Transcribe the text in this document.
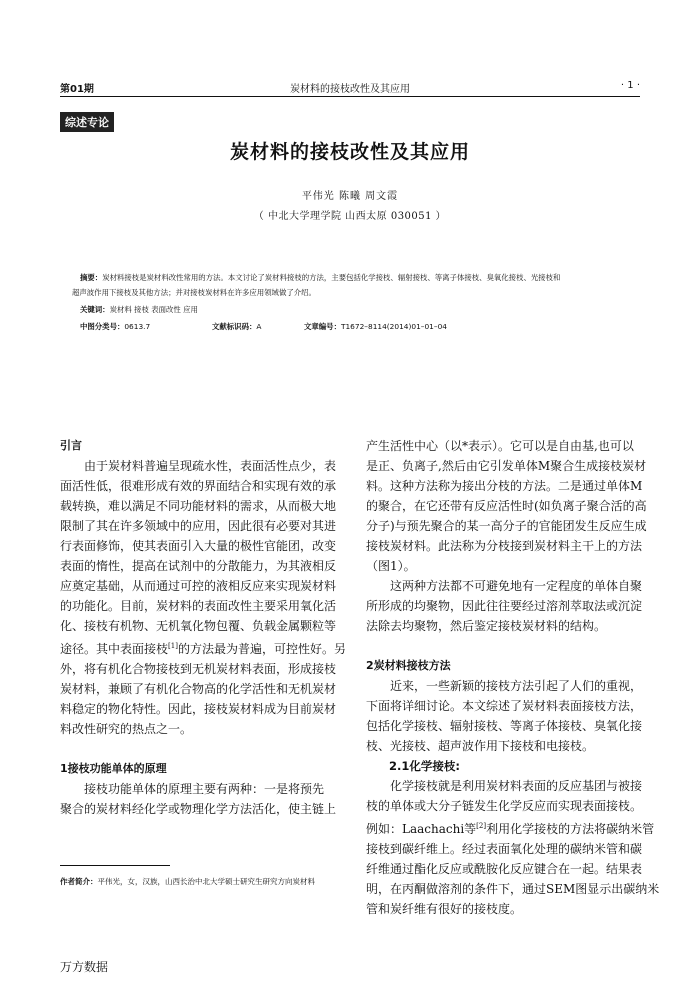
第01期	炭材料的接枝改性及其应用	· 1 ·
综述专论
炭材料的接枝改性及其应用
平伟光 陈曦 周文霞
（ 中北大学理学院 山西太原 030051 ）
摘要：炭材料接枝是炭材料改性常用的方法。本文讨论了炭材料接枝的方法，主要包括化学接枝、辐射接枝、等离子体接枝、臭氧化接枝、光接枝和
超声波作用下接枝及其他方法；并对接枝炭材料在许多应用领域做了介绍。
关键词：炭材料 接枝 表面改性 应用
中图分类号：0613.7	文献标识码：A	文章编号：T1672–8114(2014)01–01–04
引言
由于炭材料普遍呈现疏水性，表面活性点少，表
面活性低，很难形成有效的界面结合和实现有效的承
载转换，难以满足不同功能材料的需求，从而极大地
限制了其在许多领域中的应用，因此很有必要对其进
行表面修饰，使其表面引入大量的极性官能团，改变
表面的惰性，提高在试剂中的分散能力，为其液相反
应奠定基础，从而通过可控的液相反应来实现炭材料
的功能化。目前，炭材料的表面改性主要采用氧化活
化、接枝有机物、无机氧化物包覆、负载金属颗粒等
途径。其中表面接枝[1]的方法最为普遍，可控性好。另
外，将有机化合物接枝到无机炭材料表面，形成接枝
炭材料，兼顾了有机化合物高的化学活性和无机炭材
料稳定的物化特性。因此，接枝炭材料成为目前炭材
料改性研究的热点之一。
1接枝功能单体的原理
接枝功能单体的原理主要有两种：一是将预先
聚合的炭材料经化学或物理化学方法活化，使主链上
产生活性中心（以*表示）。它可以是自由基,也可以
是正、负离子,然后由它引发单体M聚合生成接枝炭材
料。这种方法称为接出分枝的方法。二是通过单体M
的聚合，在它还带有反应活性时(如负离子聚合活的高
分子)与预先聚合的某一高分子的官能团发生反应生成
接枝炭材料。此法称为分枝接到炭材料主干上的方法
（图1）。
这两种方法都不可避免地有一定程度的单体自聚
所形成的均聚物，因此往往要经过溶剂萃取法或沉淀
法除去均聚物，然后鉴定接枝炭材料的结构。
2炭材料接枝方法
近来，一些新颖的接枝方法引起了人们的重视，
下面将详细讨论。本文综述了炭材料表面接枝方法，
包括化学接枝、辐射接枝、等离子体接枝、臭氧化接
枝、光接枝、超声波作用下接枝和电接枝。
2.1化学接枝:
化学接枝就是利用炭材料表面的反应基团与被接
枝的单体或大分子链发生化学反应而实现表面接枝。
例如：Laachachi等[2]利用化学接枝的方法将碳纳米管
接枝到碳纤维上。经过表面氧化处理的碳纳米管和碳
纤维通过酯化反应或酰胺化反应键合在一起。结果表
明，在丙酮做溶剂的条件下，通过SEM图显示出碳纳米
管和炭纤维有很好的接枝度。
作者简介：平伟光，女，汉族，山西长治中北大学硕士研究生研究方向炭材料
万方数据
